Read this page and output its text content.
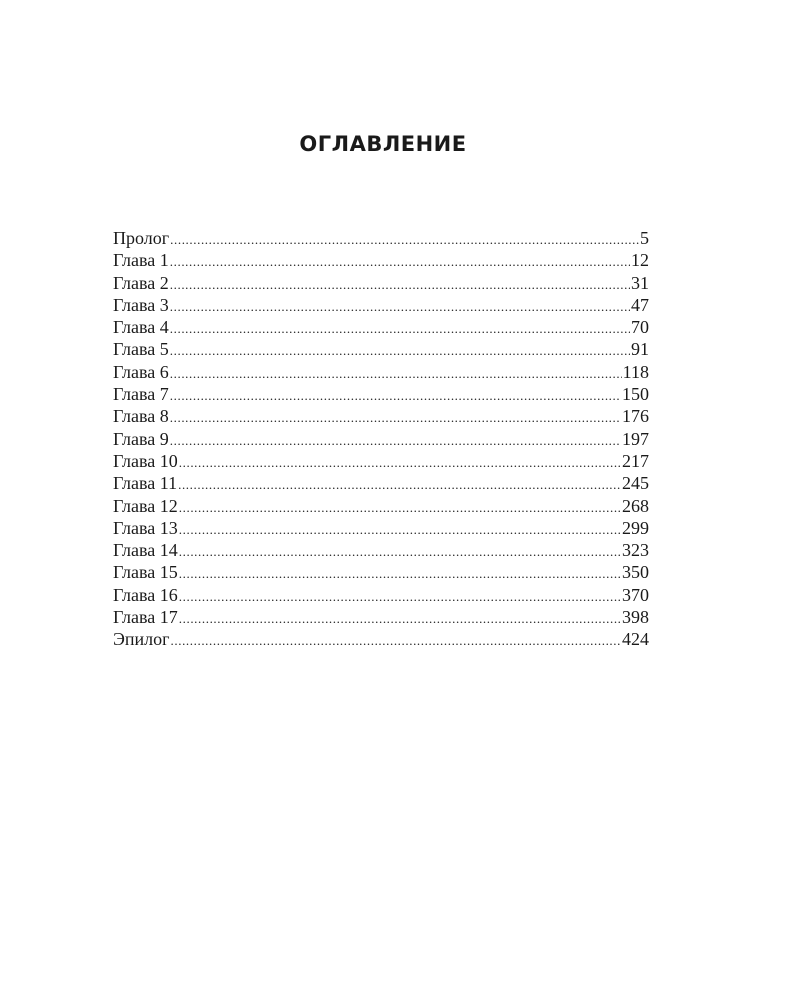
ОГЛАВЛЕНИЕ
Пролог .....	5
Глава 1 .....	12
Глава 2 .....	31
Глава 3 .....	47
Глава 4 .....	70
Глава 5 .....	91
Глава 6 .....	118
Глава 7 .....	150
Глава 8 .....	176
Глава 9 .....	197
Глава 10 .....	217
Глава 11 .....	245
Глава 12 .....	268
Глава 13 .....	299
Глава 14 .....	323
Глава 15 .....	350
Глава 16 .....	370
Глава 17 .....	398
Эпилог .....	424
